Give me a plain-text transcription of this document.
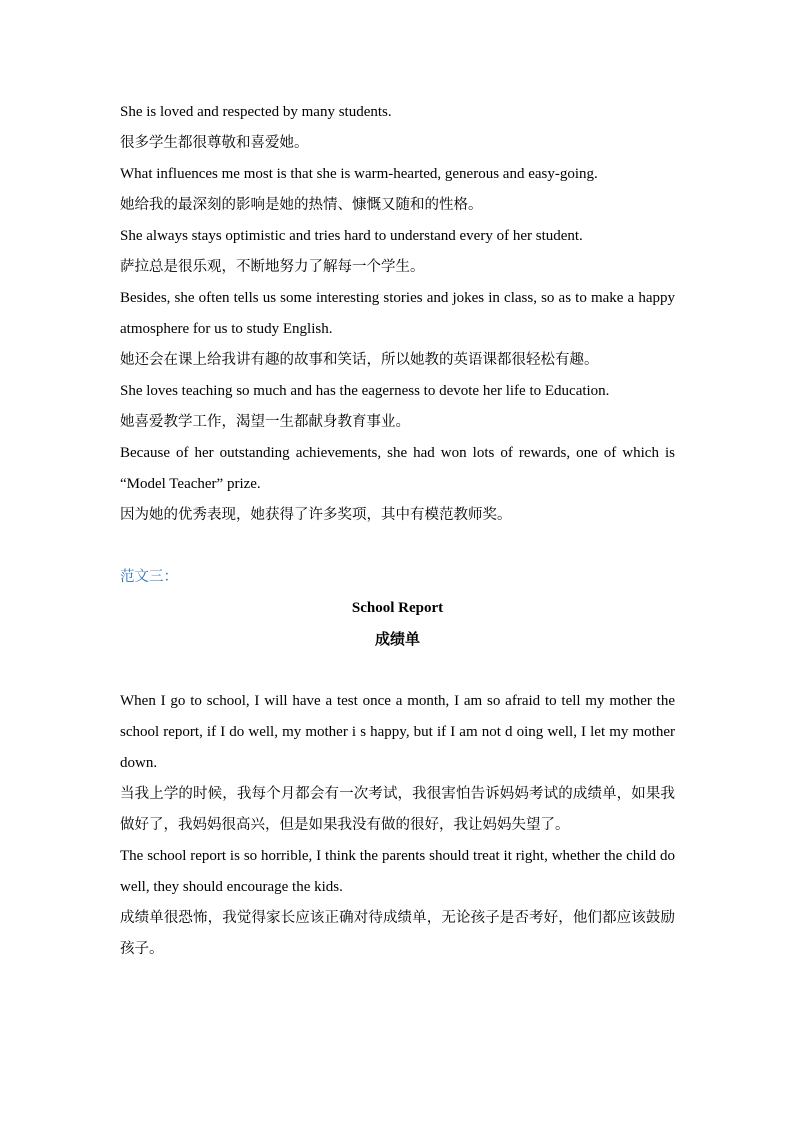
She is loved and respected by many students.

很多学生都很尊敬和喜爱她。

What influences me most is that she is warm-hearted, generous and easy-going.

她给我的最深刻的影响是她的热情、慷慨又随和的性格。

She always stays optimistic and tries hard to understand every of her student.

萨拉总是很乐观，不断地努力了解每一个学生。

Besides, she often tells us some interesting stories and jokes in class, so as to make a happy atmosphere for us to study English.

她还会在课上给我讲有趣的故事和笑话，所以她教的英语课都很轻松有趣。

She loves teaching so much and has the eagerness to devote her life to Education.

她喜爱教学工作，渴望一生都献身教育事业。

Because of her outstanding achievements, she had won lots of rewards, one of which is “Model Teacher” prize.

因为她的优秀表现，她获得了许多奖项，其中有模范教师奖。

范文三：

School Report

成绩单

When I go to school, I will have a test once a month, I am so afraid to tell my mother the school report, if I do well, my mother i s happy, but if I am not d oing well, I let my mother down.

当我上学的时候，我每个月都会有一次考试，我很害怕告诉妈妈考试的成绩单，如果我做好了，我妈妈很高兴，但是如果我没有做的很好，我让妈妈失望了。

The school report is so horrible, I think the parents should treat it right, whether the child do well, they should encourage the kids.

成绩单很恐怖，我觉得家长应该正确对待成绩单，无论孩子是否考好，他们都应该鼓励孩子。
